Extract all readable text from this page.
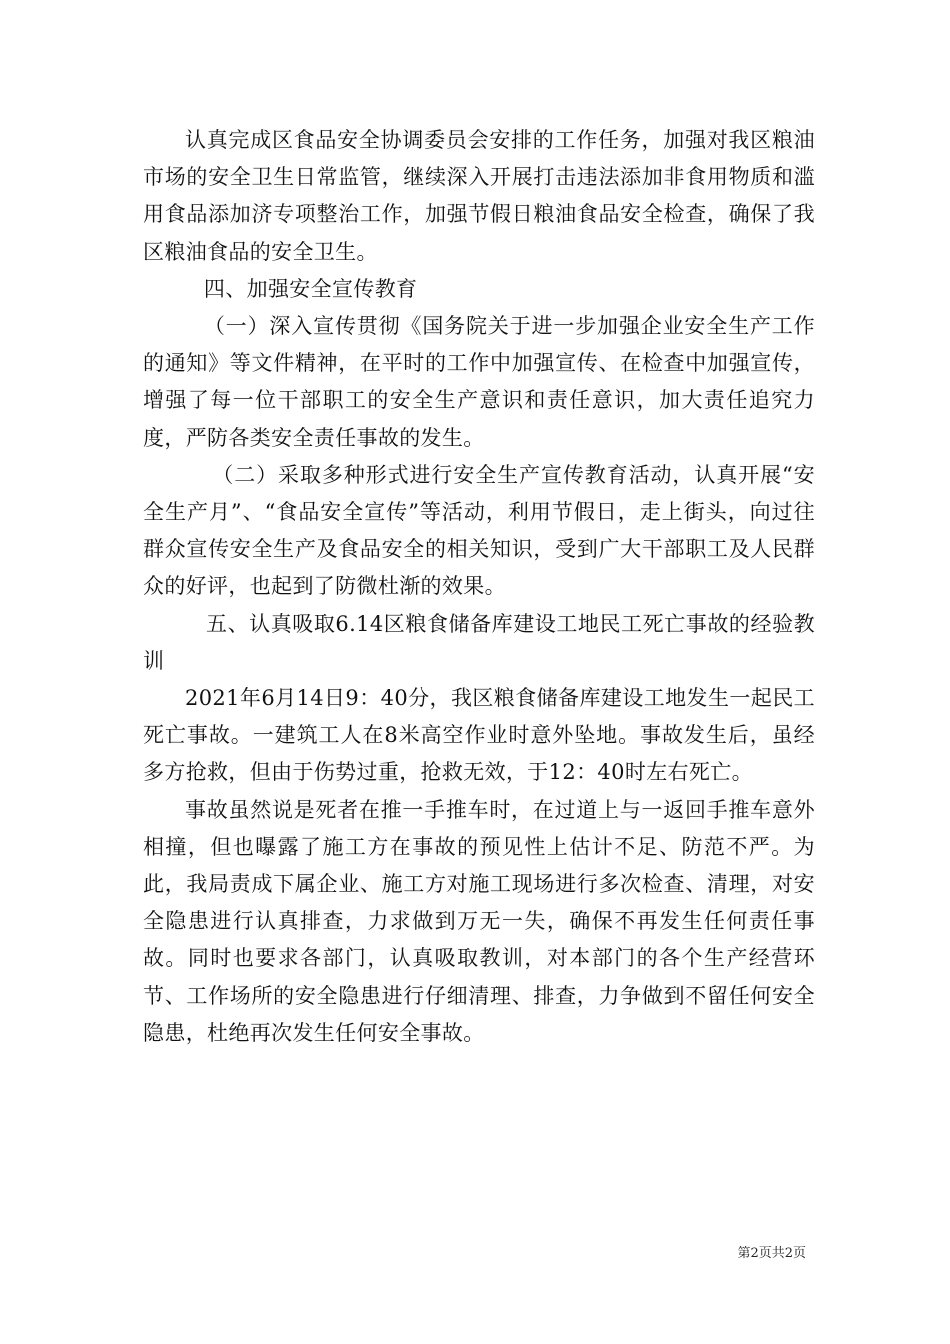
认真完成区食品安全协调委员会安排的工作任务，加强对我区粮油市场的安全卫生日常监管，继续深入开展打击违法添加非食用物质和滥用食品添加济专项整治工作，加强节假日粮油食品安全检查，确保了我区粮油食品的安全卫生。

四、加强安全宣传教育

（一）深入宣传贯彻《国务院关于进一步加强企业安全生产工作的通知》等文件精神，在平时的工作中加强宣传、在检查中加强宣传，增强了每一位干部职工的安全生产意识和责任意识，加大责任追究力度，严防各类安全责任事故的发生。

（二）采取多种形式进行安全生产宣传教育活动，认真开展“安全生产月”、“食品安全宣传”等活动，利用节假日，走上街头，向过往群众宣传安全生产及食品安全的相关知识，受到广大干部职工及人民群众的好评，也起到了防微杜渐的效果。

五、认真吸取6.14区粮食储备库建设工地民工死亡事故的经验教训

2021年6月14日9：40分，我区粮食储备库建设工地发生一起民工死亡事故。一建筑工人在8米高空作业时意外坠地。事故发生后，虽经多方抢救，但由于伤势过重，抢救无效，于12：40时左右死亡。

事故虽然说是死者在推一手推车时，在过道上与一返回手推车意外相撞，但也曝露了施工方在事故的预见性上估计不足、防范不严。为此，我局责成下属企业、施工方对施工现场进行多次检查、清理，对安全隐患进行认真排查，力求做到万无一失，确保不再发生任何责任事故。同时也要求各部门，认真吸取教训，对本部门的各个生产经营环节、工作场所的安全隐患进行仔细清理、排查，力争做到不留任何安全隐患，杜绝再次发生任何安全事故。

第2页共2页
